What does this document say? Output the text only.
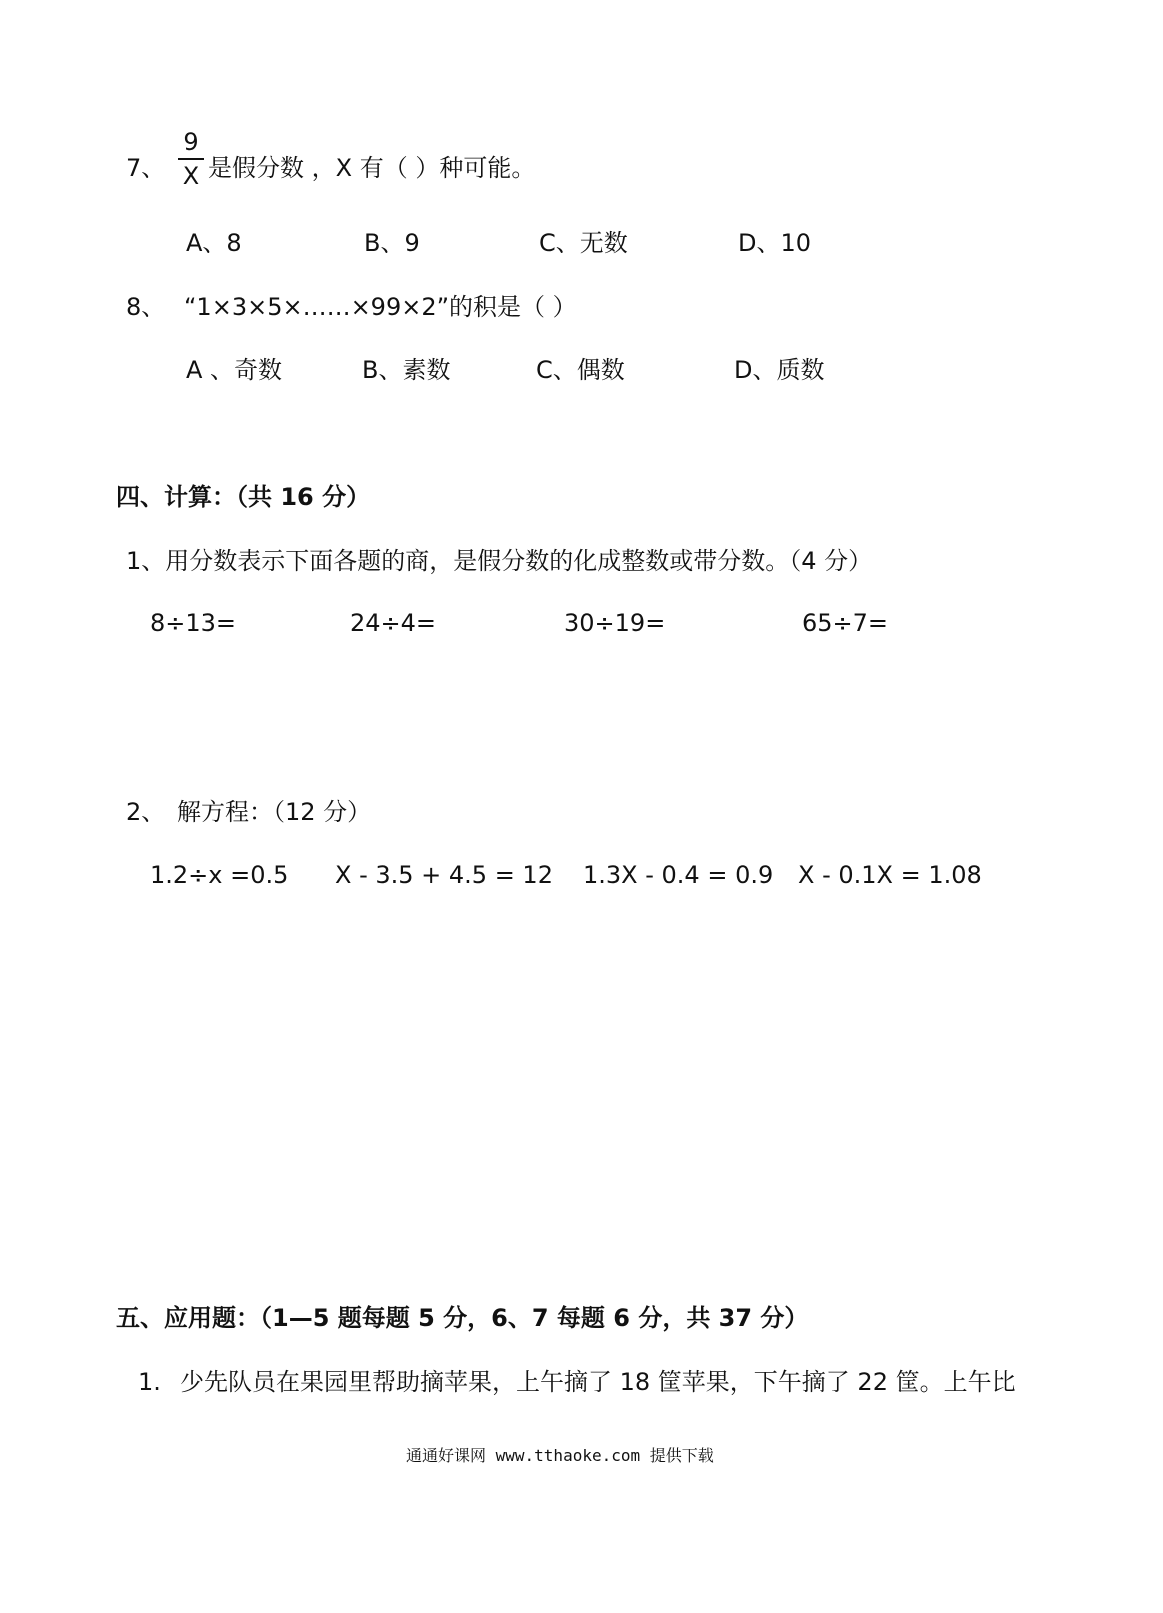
7、
9
X 是假分数 ，X 有（ ）种可能。
A、8	B、9	C、无数	D、10
8、 “1×3×5×……×99×2”的积是（ ）
A 、奇数	B、素数	C、偶数	D、质数
四、计算：（共 16 分）
1、用分数表示下面各题的商，是假分数的化成整数或带分数。（4 分）
8÷13=	24÷4=	30÷19=	65÷7=
2、 解方程：（12 分）
1.2÷x =0.5 X - 3.5 + 4.5 = 12 1.3X - 0.4 = 0.9 X - 0.1X = 1.08
五、应用题：（1—5 题每题 5 分，6、7 每题 6 分，共 37 分）
1. 少先队员在果园里帮助摘苹果，上午摘了 18 筐苹果，下午摘了 22 筐。上午比
通通好课网 www.tthaoke.com 提供下载
